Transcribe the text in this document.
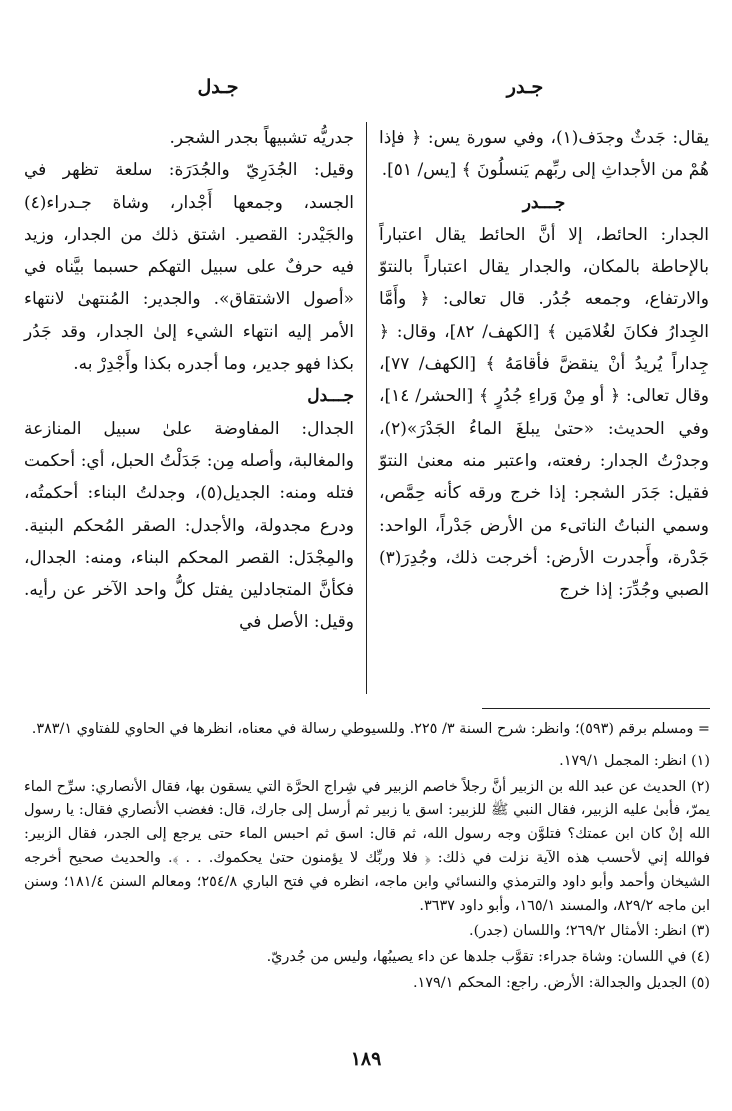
جـدر
جـدل

يقال: جَدثٌ وجدَف(١)، وفي سورة يس: ﴿ فإذا هُمْ من الأجداثِ إلى ربِّهم يَنسلُونَ ﴾ [يس/ ٥١].

جـــدر

الجدار: الحائط، إلا أنَّ الحائط يقال اعتباراً بالإحاطة بالمكان، والجدار يقال اعتباراً بالنتوّ والارتفاع، وجمعه جُدُر. قال تعالى: ﴿ وأَمَّا الجِدارُ فكانَ لغُلامَين ﴾ [الكهف/ ٨٢]، وقال: ﴿ جِداراً يُريدُ أنْ ينقضَّ فأقامَهُ ﴾ [الكهف/ ٧٧]، وقال تعالى: ﴿ أو مِنْ وَراءِ جُدُرٍ ﴾ [الحشر/ ١٤]، وفي الحديث: «حتىٰ يبلغَ الماءُ الجَدْرَ»(٢)، وجدرْتُ الجدار: رفعته، واعتبر منه معنىٰ النتوّ فقيل: جَدَر الشجر: إذا خرج ورقه كأنه حِمَّص، وسمي النباتُ الناتىء من الأرض جَدْراً، الواحد: جَدْرة، وأَجدرت الأرض: أخرجت ذلك، وجُدِرَ(٣) الصبي وجُدِّرَ: إذا خرج

جدريُّه تشبيهاً بجدر الشجر.

وقيل: الجُدَرِيّ والجُدَرَة: سلعة تظهر في الجسد، وجمعها أَجْدار، وشاة جـدراء(٤) والجَيْدر: القصير. اشتق ذلك من الجدار، وزيد فيه حرفٌ على سبيل التهكم حسبما بيَّناه في «أصول الاشتقاق». والجدير: المُنتهىٰ لانتهاء الأمر إليه انتهاء الشيء إلىٰ الجدار، وقد جَدُر بكذا فهو جدير، وما أجدره بكذا وأَجْدِرْ به.

جـــدل

الجدال: المفاوضة علىٰ سبيل المنازعة والمغالبة، وأصله مِن: جَدَلْتُ الحبل، أي: أحكمت فتله ومنه: الجديل(٥)، وجدلتُ البناء: أحكمتُه، ودرع مجدولة، والأجدل: الصقر المُحكم البنية. والمِجْدَل: القصر المحكم البناء، ومنه: الجدال، فكأنَّ المتجادلين يفتل كلُّ واحد الآخر عن رأيه. وقيل: الأصل في

= ومسلم برقم (٥٩٣)؛ وانظر: شرح السنة ٣/ ٢٢٥. وللسيوطي رسالة في معناه، انظرها في الحاوي للفتاوي ٣٨٣/١.

(١) انظر: المجمل ١٧٩/١.

(٢) الحديث عن عبد الله بن الزبير أنَّ رجلاً خاصم الزبير في شِراج الحرَّة التي يسقون بها، فقال الأنصاري: سرِّح الماء يمرّ، فأبىٰ عليه الزبير، فقال النبي ﷺ للزبير: اسق يا زبير ثم أرسل إلى جارك، قال: فغضب الأنصاري فقال: يا رسول الله إنْ كان ابن عمتك؟ فتلوَّن وجه رسول الله، ثم قال: اسق ثم احبس الماء حتى يرجع إلى الجدر، فقال الزبير: فوالله إني لأحسب هذه الآية نزلت في ذلك: ﴿ فلا وربِّك لا يؤمنون حتىٰ يحكموك. . . ﴾. والحديث صحيح أخرجه الشيخان وأحمد وأبو داود والترمذي والنسائي وابن ماجه، انظره في فتح الباري ٢٥٤/٨؛ ومعالم السنن ١٨١/٤؛ وسنن ابن ماجه ٨٢٩/٢، والمسند ١٦٥/١، وأبو داود ٣٦٣٧.

(٣) انظر: الأمثال ٢٦٩/٢؛ واللسان (جدر).

(٤) في اللسان: وشاة جدراء: تقوَّب جلدها عن داء يصيبُها، وليس من جُدريّ.

(٥) الجديل والجدالة: الأرض. راجع: المحكم ١٧٩/١.

١٨٩
